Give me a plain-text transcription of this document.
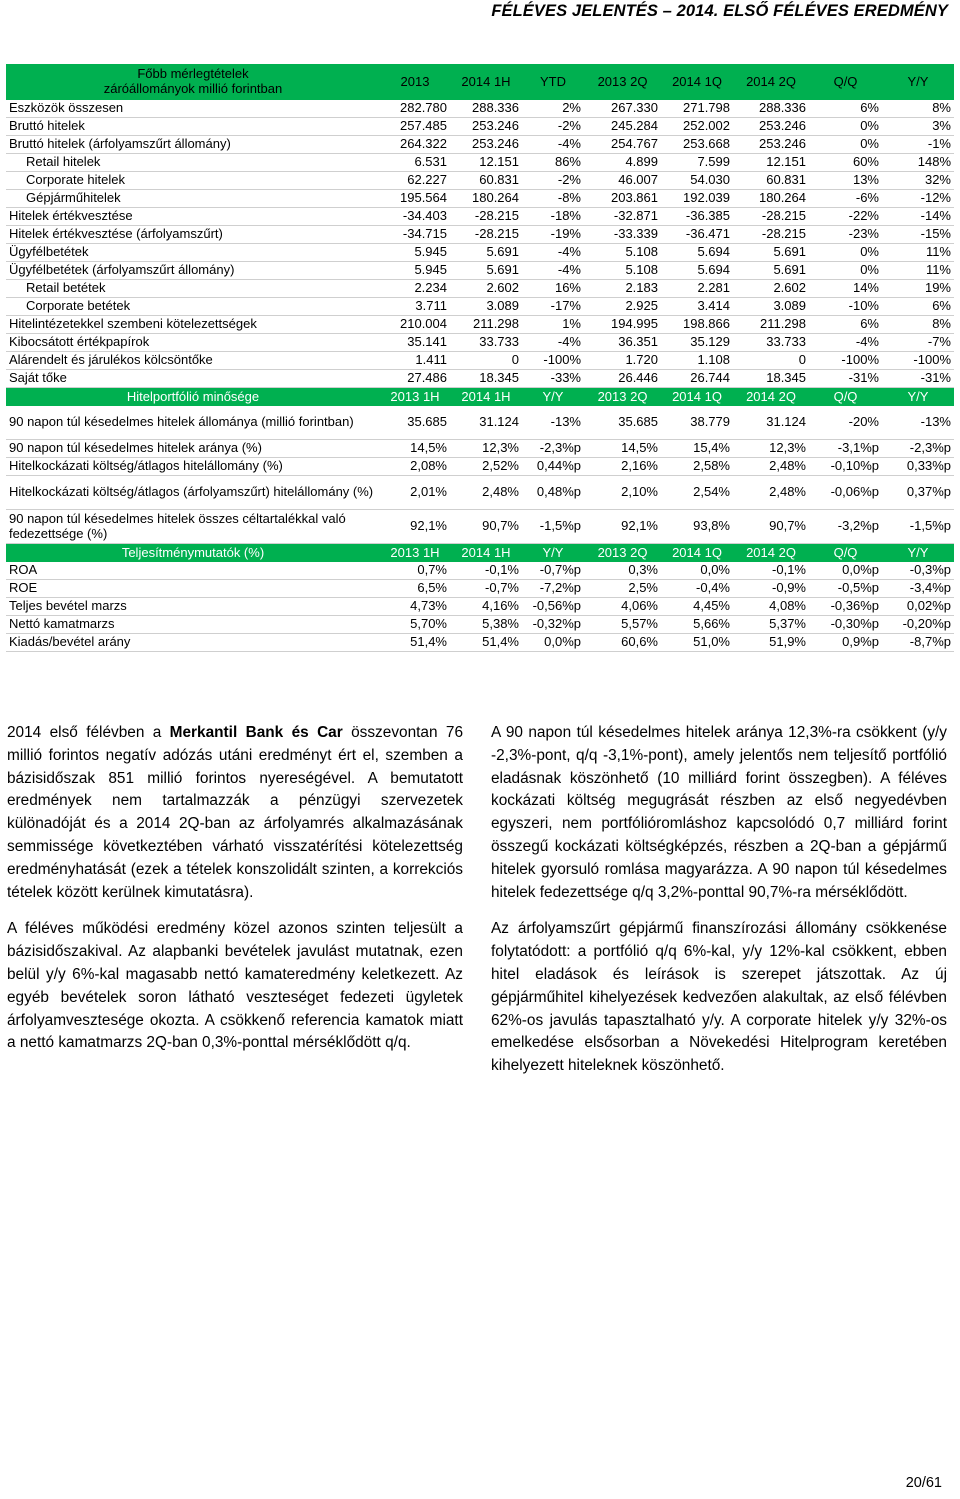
FÉLÉVES JELENTÉS – 2014. ELSŐ FÉLÉVES EREDMÉNY
Főbb mérlegtételek
záróállományok millió forintban	2013	2014 1H	YTD	2013 2Q	2014 1Q	2014 2Q	Q/Q	Y/Y
Eszközök összesen	282.780	288.336	2%	267.330	271.798	288.336	6%	8%
Bruttó hitelek	257.485	253.246	-2%	245.284	252.002	253.246	0%	3%
Bruttó hitelek (árfolyamszűrt állomány)	264.322	253.246	-4%	254.767	253.668	253.246	0%	-1%
Retail hitelek	6.531	12.151	86%	4.899	7.599	12.151	60%	148%
Corporate hitelek	62.227	60.831	-2%	46.007	54.030	60.831	13%	32%
Gépjárműhitelek	195.564	180.264	-8%	203.861	192.039	180.264	-6%	-12%
Hitelek értékvesztése	-34.403	-28.215	-18%	-32.871	-36.385	-28.215	-22%	-14%
Hitelek értékvesztése (árfolyamszűrt)	-34.715	-28.215	-19%	-33.339	-36.471	-28.215	-23%	-15%
Ügyfélbetétek	5.945	5.691	-4%	5.108	5.694	5.691	0%	11%
Ügyfélbetétek (árfolyamszűrt állomány)	5.945	5.691	-4%	5.108	5.694	5.691	0%	11%
Retail betétek	2.234	2.602	16%	2.183	2.281	2.602	14%	19%
Corporate betétek	3.711	3.089	-17%	2.925	3.414	3.089	-10%	6%
Hitelintézetekkel szembeni kötelezettségek	210.004	211.298	1%	194.995	198.866	211.298	6%	8%
Kibocsátott értékpapírok	35.141	33.733	-4%	36.351	35.129	33.733	-4%	-7%
Alárendelt és járulékos kölcsöntőke	1.411	0	-100%	1.720	1.108	0	-100%	-100%
Saját tőke	27.486	18.345	-33%	26.446	26.744	18.345	-31%	-31%
Hitelportfólió minősége	2013 1H	2014 1H	Y/Y	2013 2Q	2014 1Q	2014 2Q	Q/Q	Y/Y
90 napon túl késedelmes hitelek állománya (millió forintban)	35.685	31.124	-13%	35.685	38.779	31.124	-20%	-13%
90 napon túl késedelmes hitelek aránya (%)	14,5%	12,3%	-2,3%p	14,5%	15,4%	12,3%	-3,1%p	-2,3%p
Hitelkockázati költség/átlagos hitelállomány (%)	2,08%	2,52%	0,44%p	2,16%	2,58%	2,48%	-0,10%p	0,33%p
Hitelkockázati költség/átlagos (árfolyamszűrt) hitelállomány (%)	2,01%	2,48%	0,48%p	2,10%	2,54%	2,48%	-0,06%p	0,37%p
90 napon túl késedelmes hitelek összes céltartalékkal való fedezettsége (%)	92,1%	90,7%	-1,5%p	92,1%	93,8%	90,7%	-3,2%p	-1,5%p
Teljesítménymutatók (%)	2013 1H	2014 1H	Y/Y	2013 2Q	2014 1Q	2014 2Q	Q/Q	Y/Y
ROA	0,7%	-0,1%	-0,7%p	0,3%	0,0%	-0,1%	0,0%p	-0,3%p
ROE	6,5%	-0,7%	-7,2%p	2,5%	-0,4%	-0,9%	-0,5%p	-3,4%p
Teljes bevétel marzs	4,73%	4,16%	-0,56%p	4,06%	4,45%	4,08%	-0,36%p	0,02%p
Nettó kamatmarzs	5,70%	5,38%	-0,32%p	5,57%	5,66%	5,37%	-0,30%p	-0,20%p
Kiadás/bevétel arány	51,4%	51,4%	0,0%p	60,6%	51,0%	51,9%	0,9%p	-8,7%p

2014 első félévben a Merkantil Bank és Car összevontan 76 millió forintos negatív adózás utáni eredményt ért el, szemben a bázisidőszak 851 millió forintos nyereségével. A bemutatott eredmények nem tartalmazzák a pénzügyi szervezetek különadóját és a 2014 2Q-ban az árfolyamrés alkalmazásának semmissége következtében várható visszatérítési kötelezettség eredményhatását (ezek a tételek konszolidált szinten, a korrekciós tételek között kerülnek kimutatásra).

A féléves működési eredmény közel azonos szinten teljesült a bázisidőszakival. Az alapbanki bevételek javulást mutatnak, ezen belül y/y 6%-kal magasabb nettó kamateredmény keletkezett. Az egyéb bevételek soron látható veszteséget fedezeti ügyletek árfolyamvesztesége okozta. A csökkenő referencia kamatok miatt a nettó kamatmarzs 2Q-ban 0,3%-ponttal mérséklődött q/q.

A 90 napon túl késedelmes hitelek aránya 12,3%-ra csökkent (y/y -2,3%-pont, q/q -3,1%-pont), amely jelentős nem teljesítő portfólió eladásnak köszönhető (10 milliárd forint összegben). A féléves kockázati költség megugrását részben az első negyedévben egyszeri, nem portfólióromláshoz kapcsolódó 0,7 milliárd forint összegű kockázati költségképzés, részben a 2Q-ban a gépjármű hitelek gyorsuló romlása magyarázza. A 90 napon túl késedelmes hitelek fedezettsége q/q 3,2%-ponttal 90,7%-ra mérséklődött.

Az árfolyamszűrt gépjármű finanszírozási állomány csökkenése folytatódott: a portfólió q/q 6%-kal, y/y 12%-kal csökkent, ebben hitel eladások és leírások is szerepet játszottak. Az új gépjárműhitel kihelyezések kedvezően alakultak, az első félévben 62%-os javulás tapasztalható y/y. A corporate hitelek y/y 32%-os emelkedése elsősorban a Növekedési Hitelprogram keretében kihelyezett hiteleknek köszönhető.

20/61
